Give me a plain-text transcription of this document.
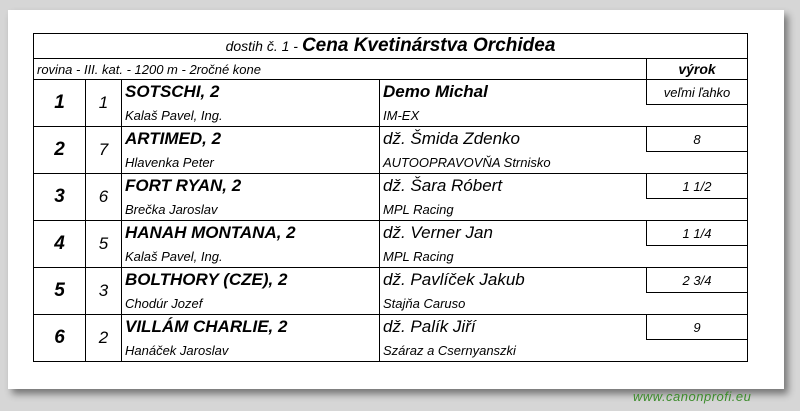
dostih č. 1 - Cena Kvetinárstva Orchidea				
rovina - III. kat. - 1200 m - 2ročné kone				výrok
1	1	SOTSCHI, 2	Demo Michal	veľmi ľahko
		Kalaš Pavel, Ing.	IM-EX	
2	7	ARTIMED, 2	dž. Šmida Zdenko	8
		Hlavenka Peter	AUTOOPRAVOVŇA Strnisko	
3	6	FORT RYAN, 2	dž. Šara Róbert	1 1/2
		Brečka Jaroslav	MPL Racing	
4	5	HANAH MONTANA, 2	dž. Verner Jan	1 1/4
		Kalaš Pavel, Ing.	MPL Racing	
5	3	BOLTHORY (CZE), 2	dž. Pavlíček Jakub	2 3/4
		Chodúr Jozef	Stajňa Caruso	
6	2	VILLÁM CHARLIE, 2	dž. Palík Jiří	9
		Hanáček Jaroslav	Száraz a Csernyanszki	
www.canonprofi.eu
